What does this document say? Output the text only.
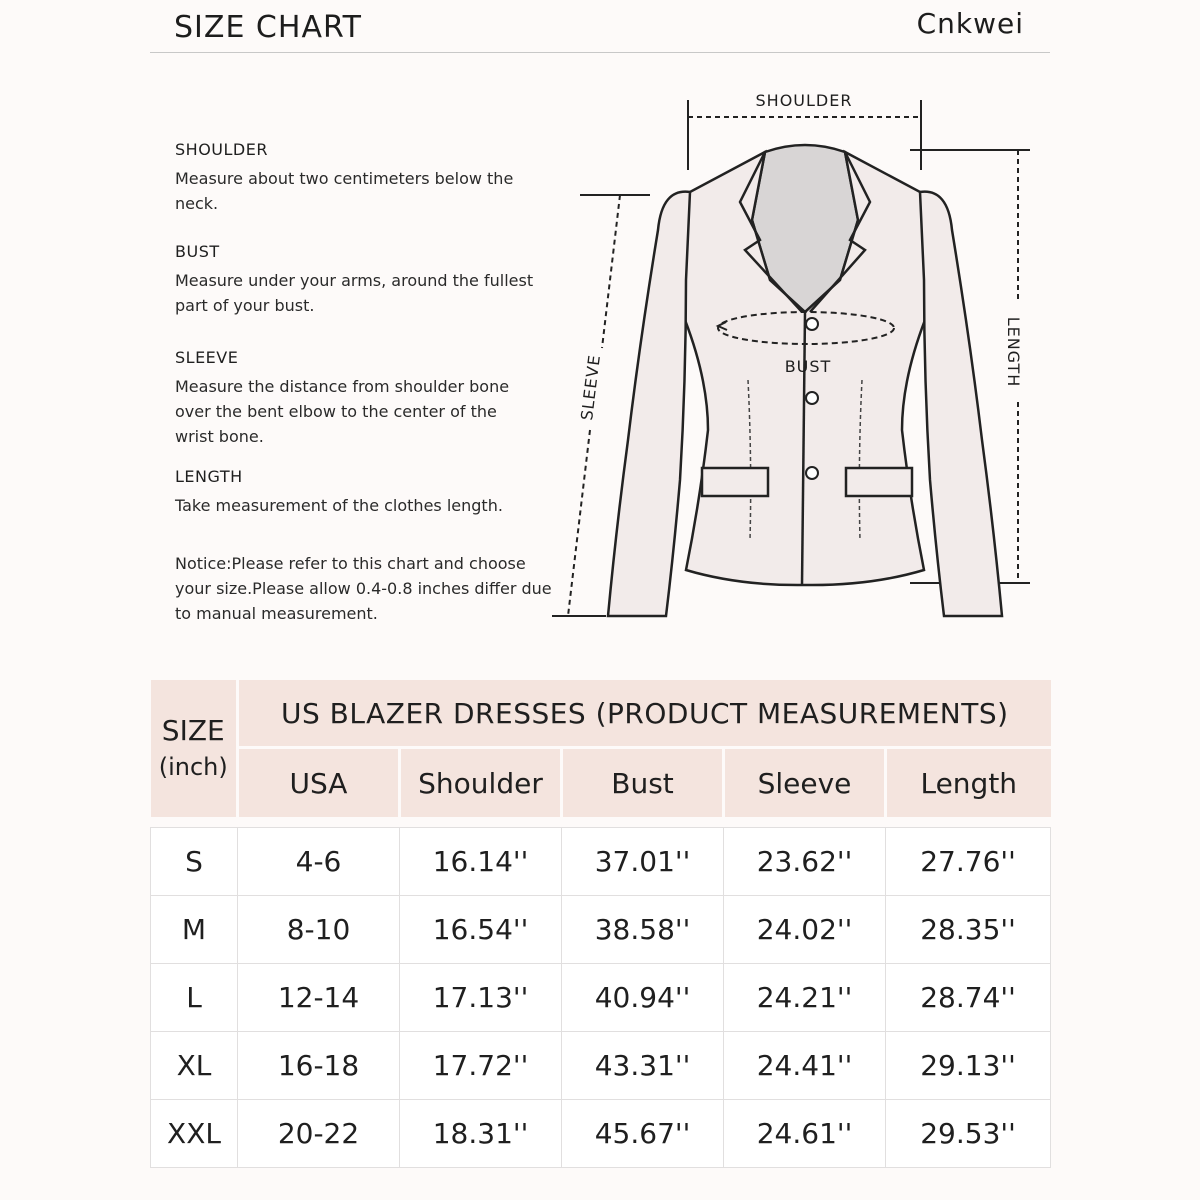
SIZE CHART	Cnkwei

SHOULDER

Measure about two centimeters below the neck.

BUST

Measure under your arms, around the fullest part of your bust.

SLEEVE

Measure the distance from shoulder bone over the bent elbow to the center of the wrist bone.

LENGTH

Take measurement of the clothes length.

Notice:Please refer to this chart and choose your size.Please allow 0.4-0.8 inches differ due to manual measurement.

SHOULDER
LENGTH
SLEEVE	BUST
SIZE
(inch)	US BLAZER DRESSES (PRODUCT MEASUREMENTS)				
	USA	Shoulder	Bust	Sleeve	Length

S	4-6	16.14''	37.01''	23.62''	27.76''
M	8-10	16.54''	38.58''	24.02''	28.35''
L	12-14	17.13''	40.94''	24.21''	28.74''
XL	16-18	17.72''	43.31''	24.41''	29.13''
XXL	20-22	18.31''	45.67''	24.61''	29.53''
